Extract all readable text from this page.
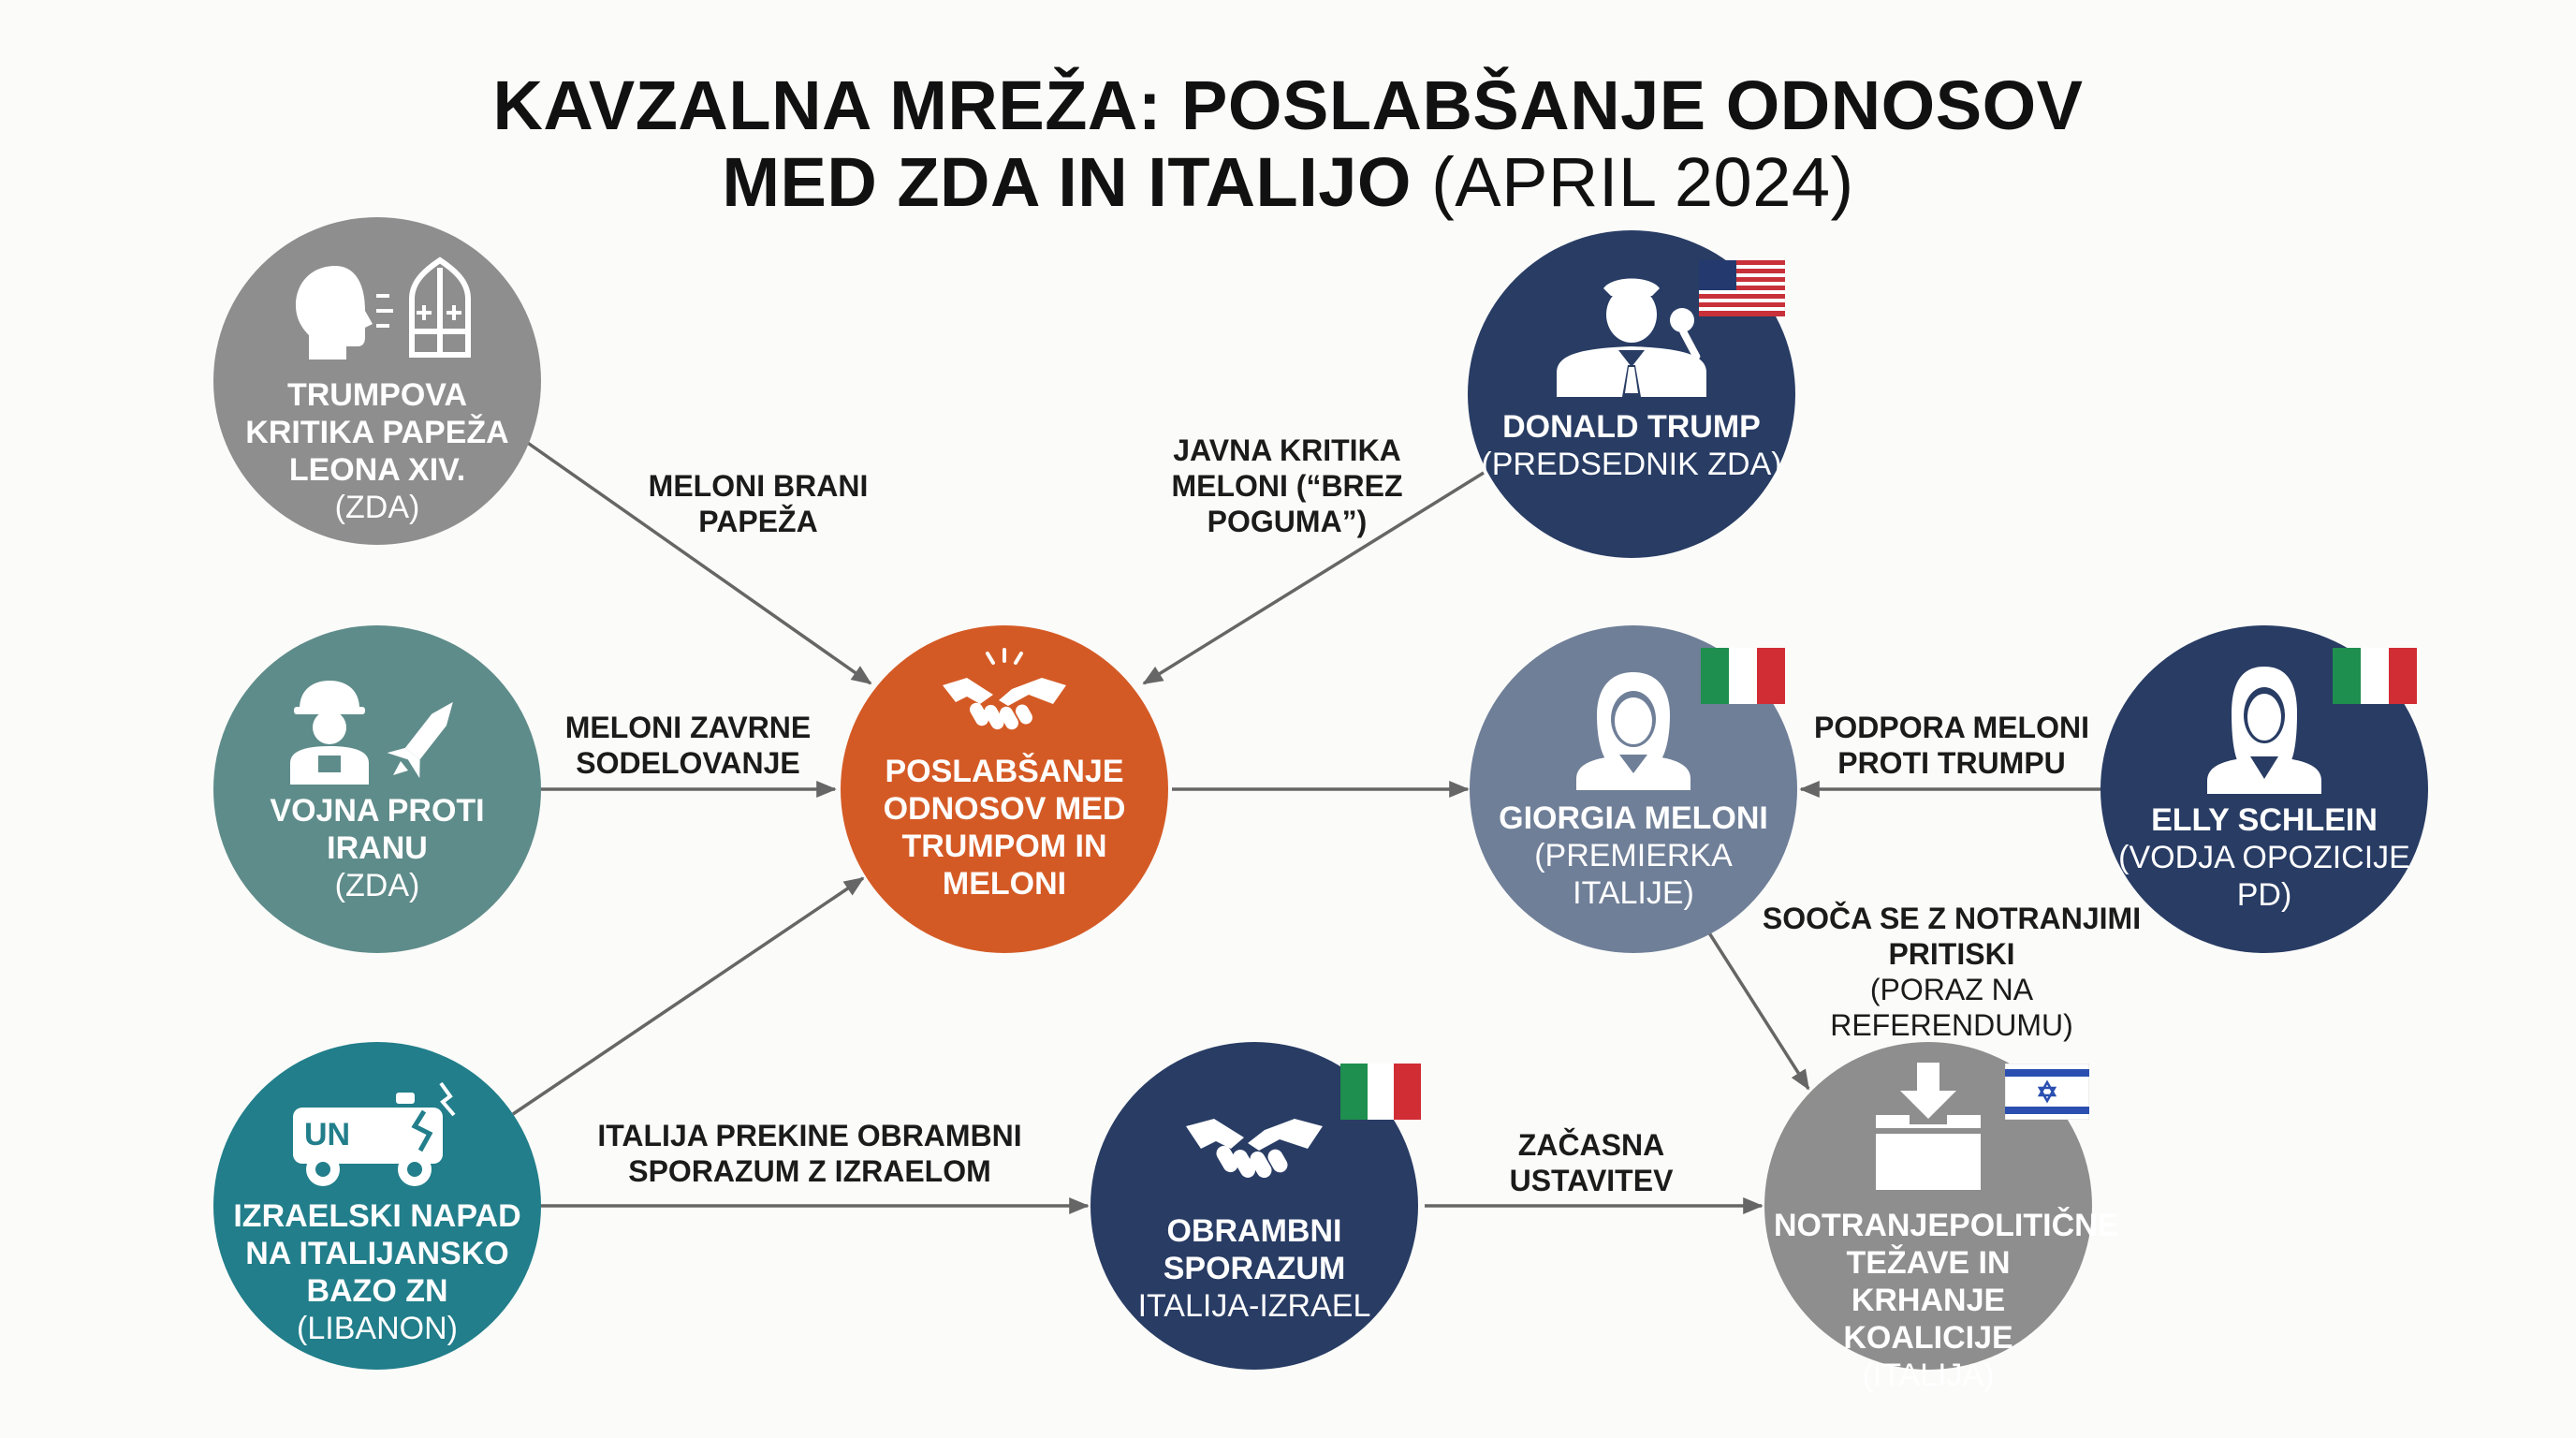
KAVZALNA MREŽA: POSLABŠANJE ODNOSOV
MED ZDA IN ITALIJO (APRIL 2024)
MELONI BRANI PAPEŽA
JAVNA KRITIKA MELONI (“BREZ POGUMA”)
MELONI ZAVRNE SODELOVANJE
PODPORA MELONI PROTI TRUMPU
SOOČA SE Z NOTRANJIMI PRITISKI
(PORAZ NA REFERENDUMU)
ITALIJA PREKINE OBRAMBNI SPORAZUM Z IZRAELOM
ZAČASNA USTAVITEV
TRUMPOVA KRITIKA PAPEŽA LEONA XIV.
(ZDA)
VOJNA PROTI IRANU
(ZDA)
UN
IZRAELSKI NAPAD NA ITALIJANSKO BAZO ZN
(LIBANON)
POSLABŠANJE ODNOSOV MED TRUMPOM IN MELONI
DONALD TRUMP
(PREDSEDNIK ZDA)
GIORGIA MELONI
(PREMIERKA ITALIJE)
ELLY SCHLEIN
(VODJA OPOZICIJE PD)
OBRAMBNI SPORAZUM
ITALIJA-IZRAEL
NOTRANJEPOLITIČNE TEŽAVE IN KRHANJE KOALICIJE
(ITALIJA)
